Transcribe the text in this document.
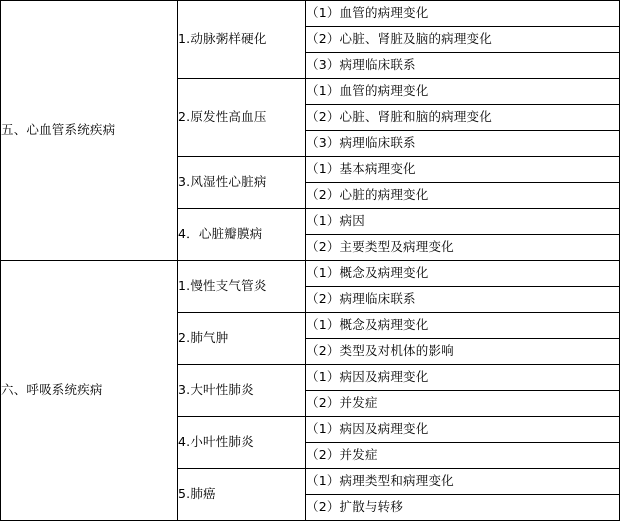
五、心血管系统疾病	1.动脉粥样硬化	（1）血管的病理变化
		（2）心脏、肾脏及脑的病理变化
		（3）病理临床联系
	2.原发性高血压	（1）血管的病理变化
		（2）心脏、肾脏和脑的病理变化
		（3）病理临床联系
	3.风湿性心脏病	（1）基本病理变化
		（2）心脏的病理变化
	4．心脏瓣膜病	（1）病因
		（2）主要类型及病理变化
六、呼吸系统疾病	1.慢性支气管炎	（1）概念及病理变化
		（2）病理临床联系
	2.肺气肿	（1）概念及病理变化
		（2）类型及对机体的影响
	3.大叶性肺炎	（1）病因及病理变化
		（2）并发症
	4.小叶性肺炎	（1）病因及病理变化
		（2）并发症
	5.肺癌	（1）病理类型和病理变化
		（2）扩散与转移
